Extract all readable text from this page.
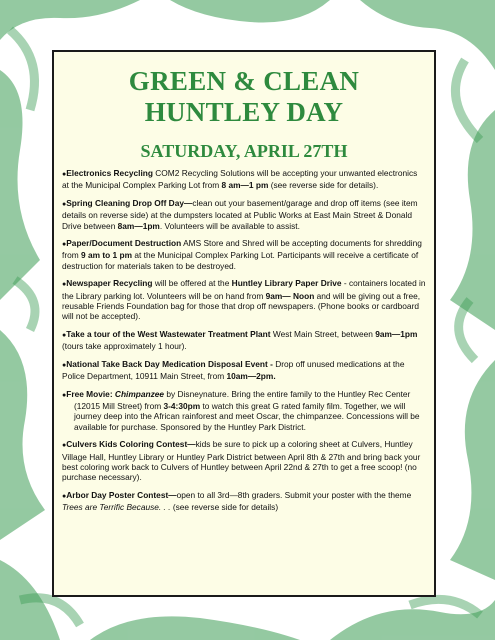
GREEN & CLEAN
HUNTLEY DAY
SATURDAY, APRIL 27TH
●Electronics Recycling COM2 Recycling Solutions will be accepting your unwanted electronics at the Municipal Complex Parking Lot from 8 am—1 pm (see reverse side for details).
●Spring Cleaning Drop Off Day—clean out your basement/garage and drop off items (see item details on reverse side) at the dumpsters located at Public Works at East Main Street & Donald Drive between 8am—1pm. Volunteers will be available to assist.
●Paper/Document Destruction AMS Store and Shred will be accepting documents for shredding from 9 am to 1 pm at the Municipal Complex Parking Lot. Participants will receive a certificate of destruction for materials taken to be destroyed.
●Newspaper Recycling will be offered at the Huntley Library Paper Drive - containers located in the Library parking lot. Volunteers will be on hand from 9am— Noon and will be giving out a free, reusable Friends Foundation bag for those that drop off newspapers. (Phone books or cardboard will not be accepted).
●Take a tour of the West Wastewater Treatment Plant West Main Street, between 9am—1pm (tours take approximately 1 hour).
●National Take Back Day Medication Disposal Event - Drop off unused medications at the Police Department, 10911 Main Street, from 10am—2pm.
●Free Movie: Chimpanzee by Disneynature. Bring the entire family to the Huntley Rec Center (12015 Mill Street) from 3-4:30pm to watch this great G rated family film. Together, we will journey deep into the African rainforest and meet Oscar, the chimpanzee. Concessions will be available for purchase. Sponsored by the Huntley Park District.
●Culvers Kids Coloring Contest—kids be sure to pick up a coloring sheet at Culvers, Huntley Village Hall, Huntley Library or Huntley Park District between April 8th & 27th and bring back your best coloring work back to Culvers of Huntley between April 22nd & 27th to get a free scoop! (no purchase necessary).
●Arbor Day Poster Contest—open to all 3rd—8th graders. Submit your poster with the theme Trees are Terrific Because. . . (see reverse side for details)
